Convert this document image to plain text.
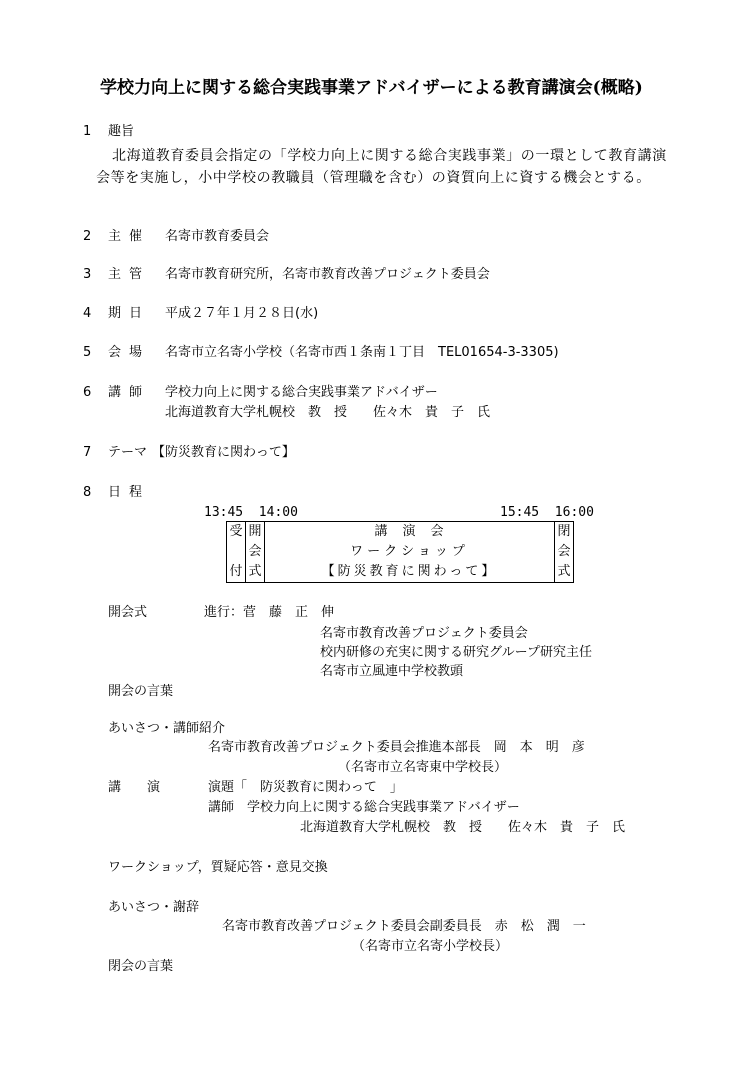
学校力向上に関する総合実践事業アドバイザーによる教育講演会(概略)
1 趣旨
北海道教育委員会指定の「学校力向上に関する総合実践事業」の一環として教育講演会等を実施し，小中学校の教職員（管理職を含む）の資質向上に資する機会とする。
2 主催 名寄市教育委員会
3 主管 名寄市教育研究所，名寄市教育改善プロジェクト委員会
4 期日 平成２７年１月２８日(水)
5 会場 名寄市立名寄小学校（名寄市西１条南１丁目　TEL01654-3-3305)
6 講師 学校力向上に関する総合実践事業アドバイザー
北海道教育大学札幌校　教　授　　佐々木　貴　子　氏
7 テーマ 【防災教育に関わって】
8 日程
13:45  14:00	15:45  16:00
受
付

開
会
式

講　演　会
ワークショップ
【防災教育に関わって】

閉
会
式
開会式	進行：菅　藤　正　伸
名寄市教育改善プロジェクト委員会
校内研修の充実に関する研究グループ研究主任
名寄市立風連中学校教頭
開会の言葉
あいさつ・講師紹介
名寄市教育改善プロジェクト委員会推進本部長　岡　本　明　彦
（名寄市立名寄東中学校長）
講　　演	演題「　防災教育に関わって　」
講師　学校力向上に関する総合実践事業アドバイザー
北海道教育大学札幌校　教　授　　佐々木　貴　子　氏
ワークショップ，質疑応答・意見交換
あいさつ・謝辞
名寄市教育改善プロジェクト委員会副委員長　赤　松　潤　一
（名寄市立名寄小学校長）
閉会の言葉
